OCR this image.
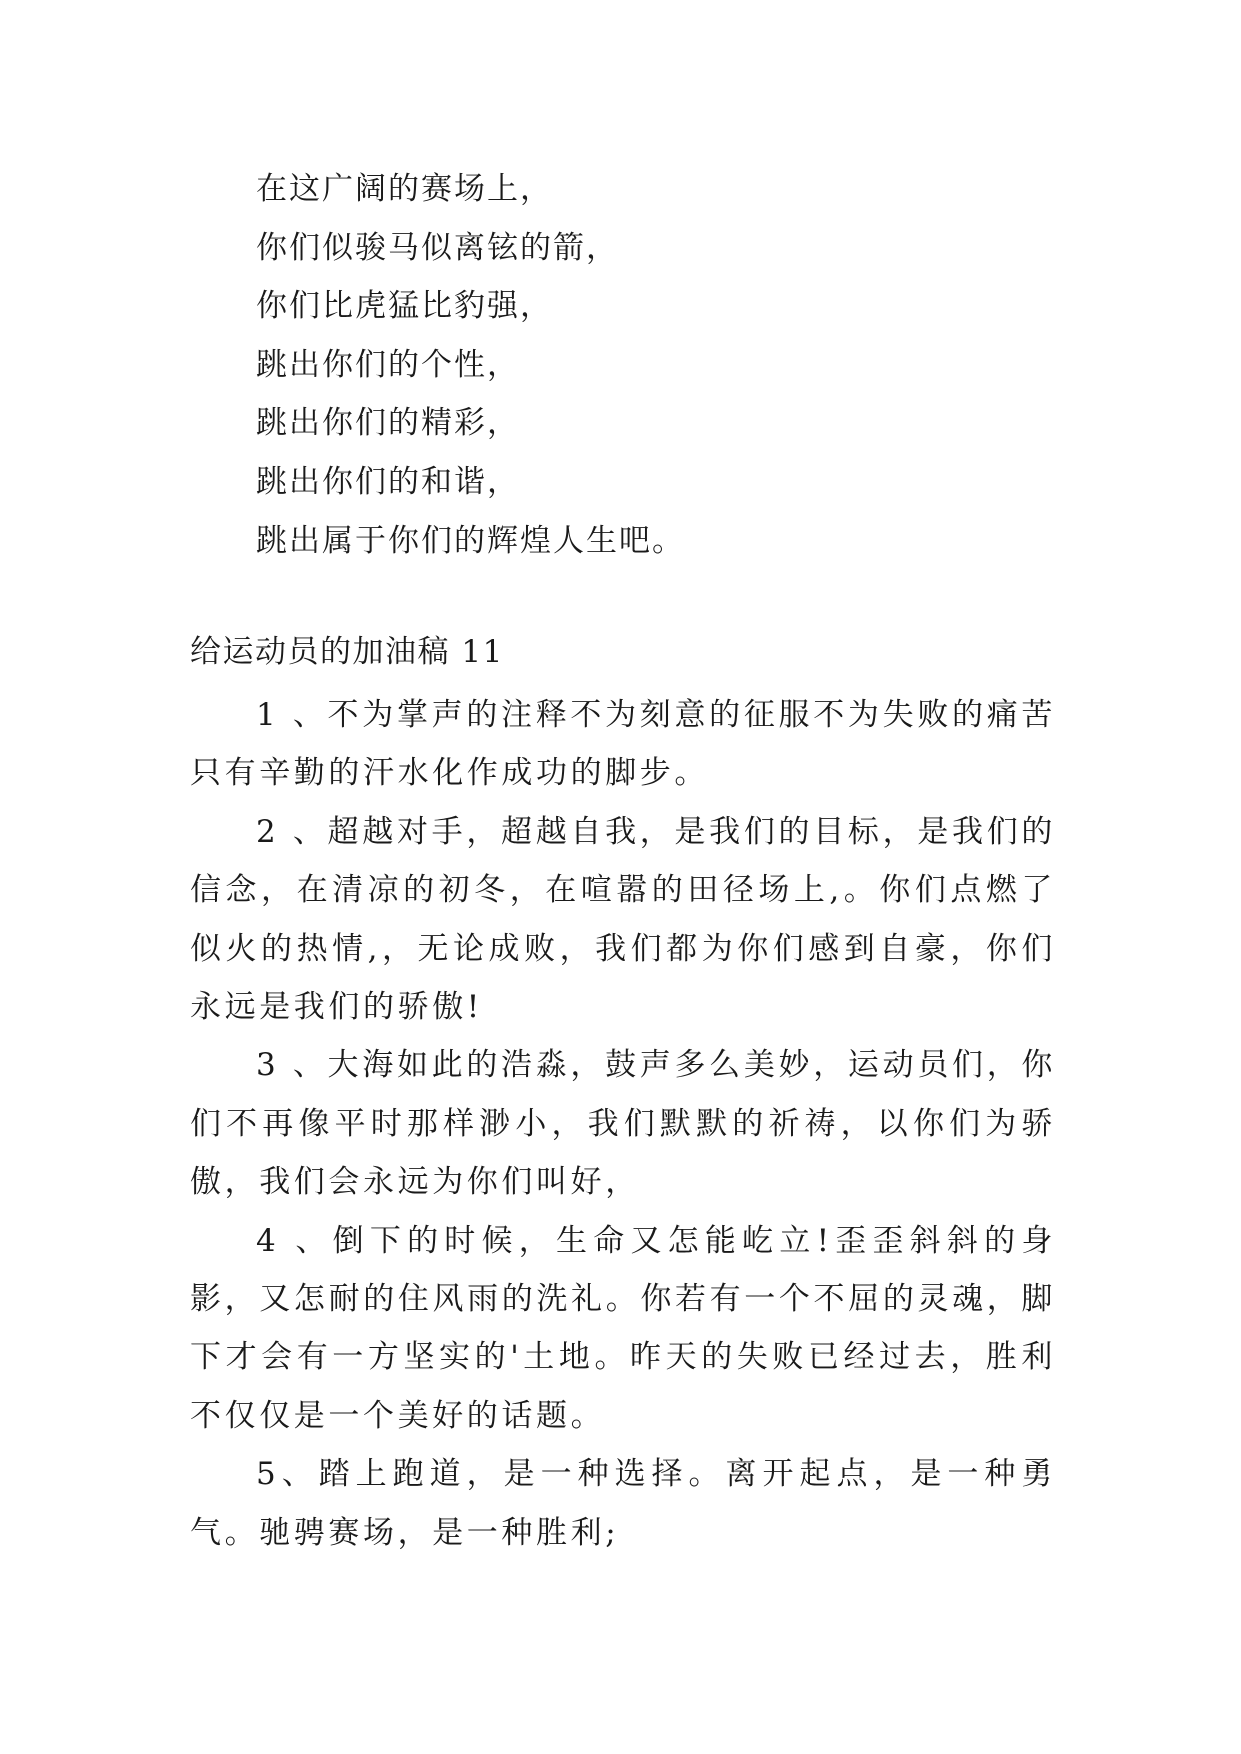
在这广阔的赛场上，
你们似骏马似离铉的箭，
你们比虎猛比豹强，
跳出你们的个性，
跳出你们的精彩，
跳出你们的和谐，
跳出属于你们的辉煌人生吧。
给运动员的加油稿 11

1 、不为掌声的注释不为刻意的征服不为失败的痛苦只有辛勤的汗水化作成功的脚步。

2 、超越对手，超越自我，是我们的目标，是我们的信念，在清凉的初冬，在喧嚣的田径场上,。你们点燃了似火的热情,，无论成败，我们都为你们感到自豪，你们永远是我们的骄傲!

3 、大海如此的浩淼，鼓声多么美妙，运动员们，你们不再像平时那样渺小，我们默默的祈祷，以你们为骄傲，我们会永远为你们叫好，

4 、倒下的时候，生命又怎能屹立!歪歪斜斜的身影，又怎耐的住风雨的洗礼。你若有一个不屈的灵魂，脚下才会有一方坚实的'土地。昨天的失败已经过去，胜利不仅仅是一个美好的话题。

5、踏上跑道，是一种选择。离开起点，是一种勇气。驰骋赛场，是一种胜利;
